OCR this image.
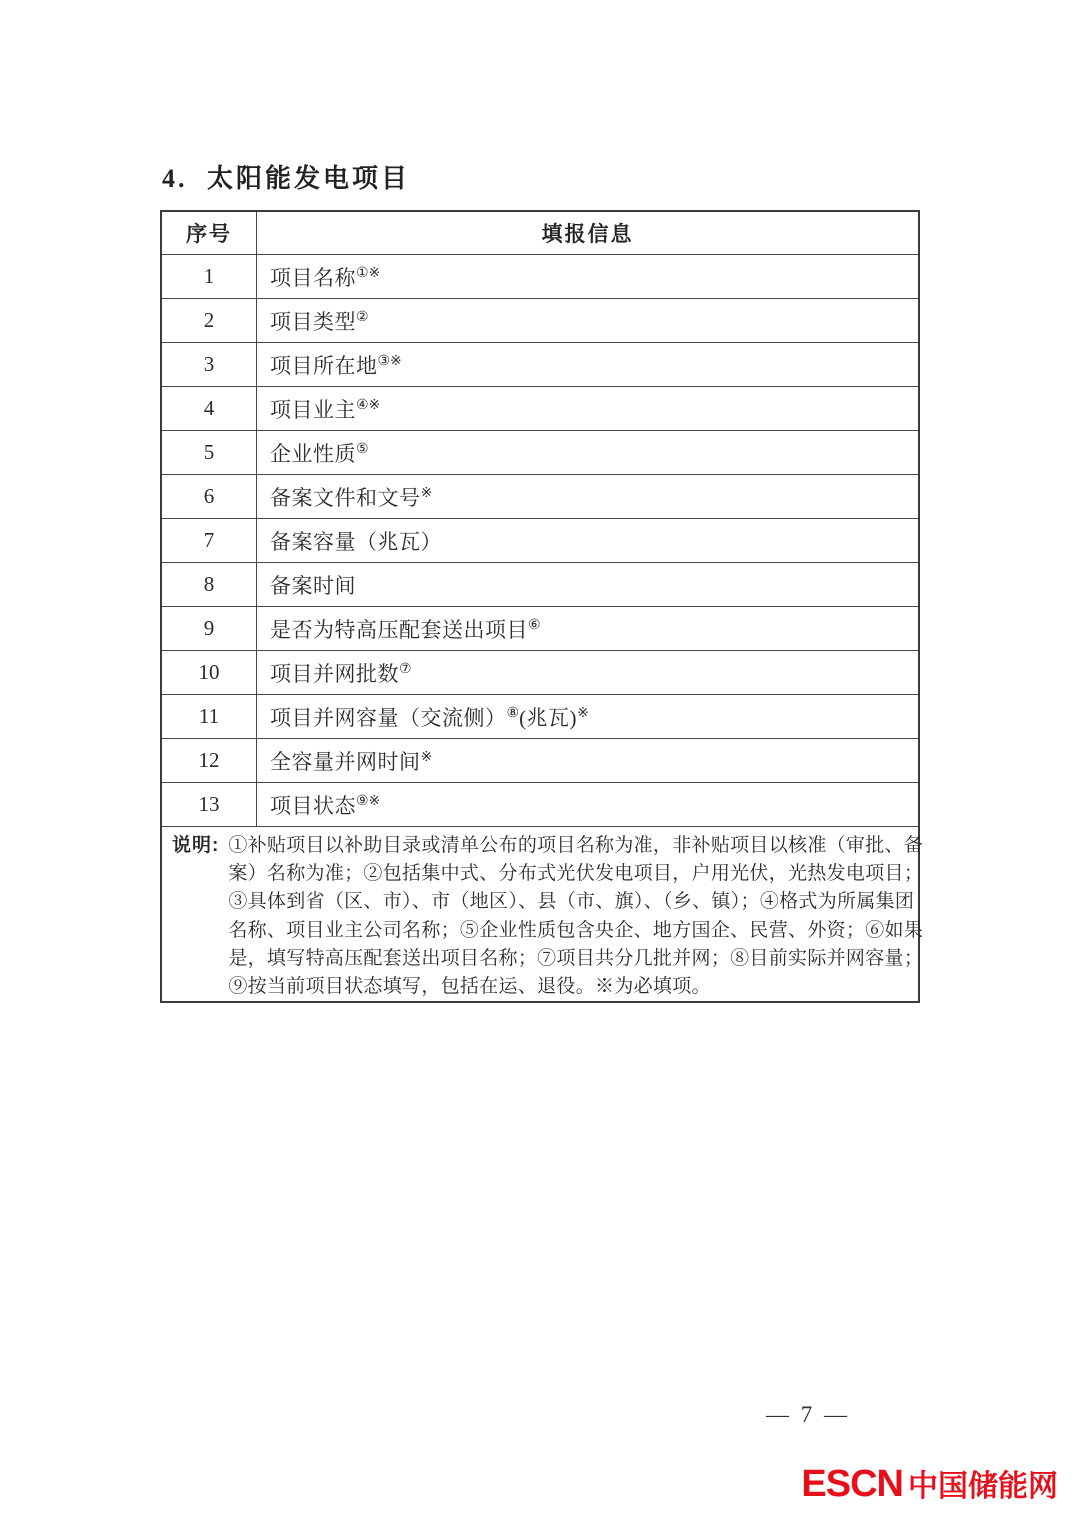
4. 太阳能发电项目
序号	填报信息
1	项目名称①※
2	项目类型②
3	项目所在地③※
4	项目业主④※
5	企业性质⑤
6	备案文件和文号※
7	备案容量（兆瓦）
8	备案时间
9	是否为特高压配套送出项目⑥
10	项目并网批数⑦
11	项目并网容量（交流侧）⑧(兆瓦)※
12	全容量并网时间※
13	项目状态⑨※

说明: ①补贴项目以补助目录或清单公布的项目名称为准，非补贴项目以核准（审批、备
案）名称为准；②包括集中式、分布式光伏发电项目，户用光伏，光热发电项目；
③具体到省（区、市）、市（地区）、县（市、旗）、（乡、镇）；④格式为所属集团
名称、项目业主公司名称；⑤企业性质包含央企、地方国企、民营、外资；⑥如果
是，填写特高压配套送出项目名称；⑦项目共分几批并网；⑧目前实际并网容量；
⑨按当前项目状态填写，包括在运、退役。※为必填项。
— 7 —
ESCN 中国储能网
